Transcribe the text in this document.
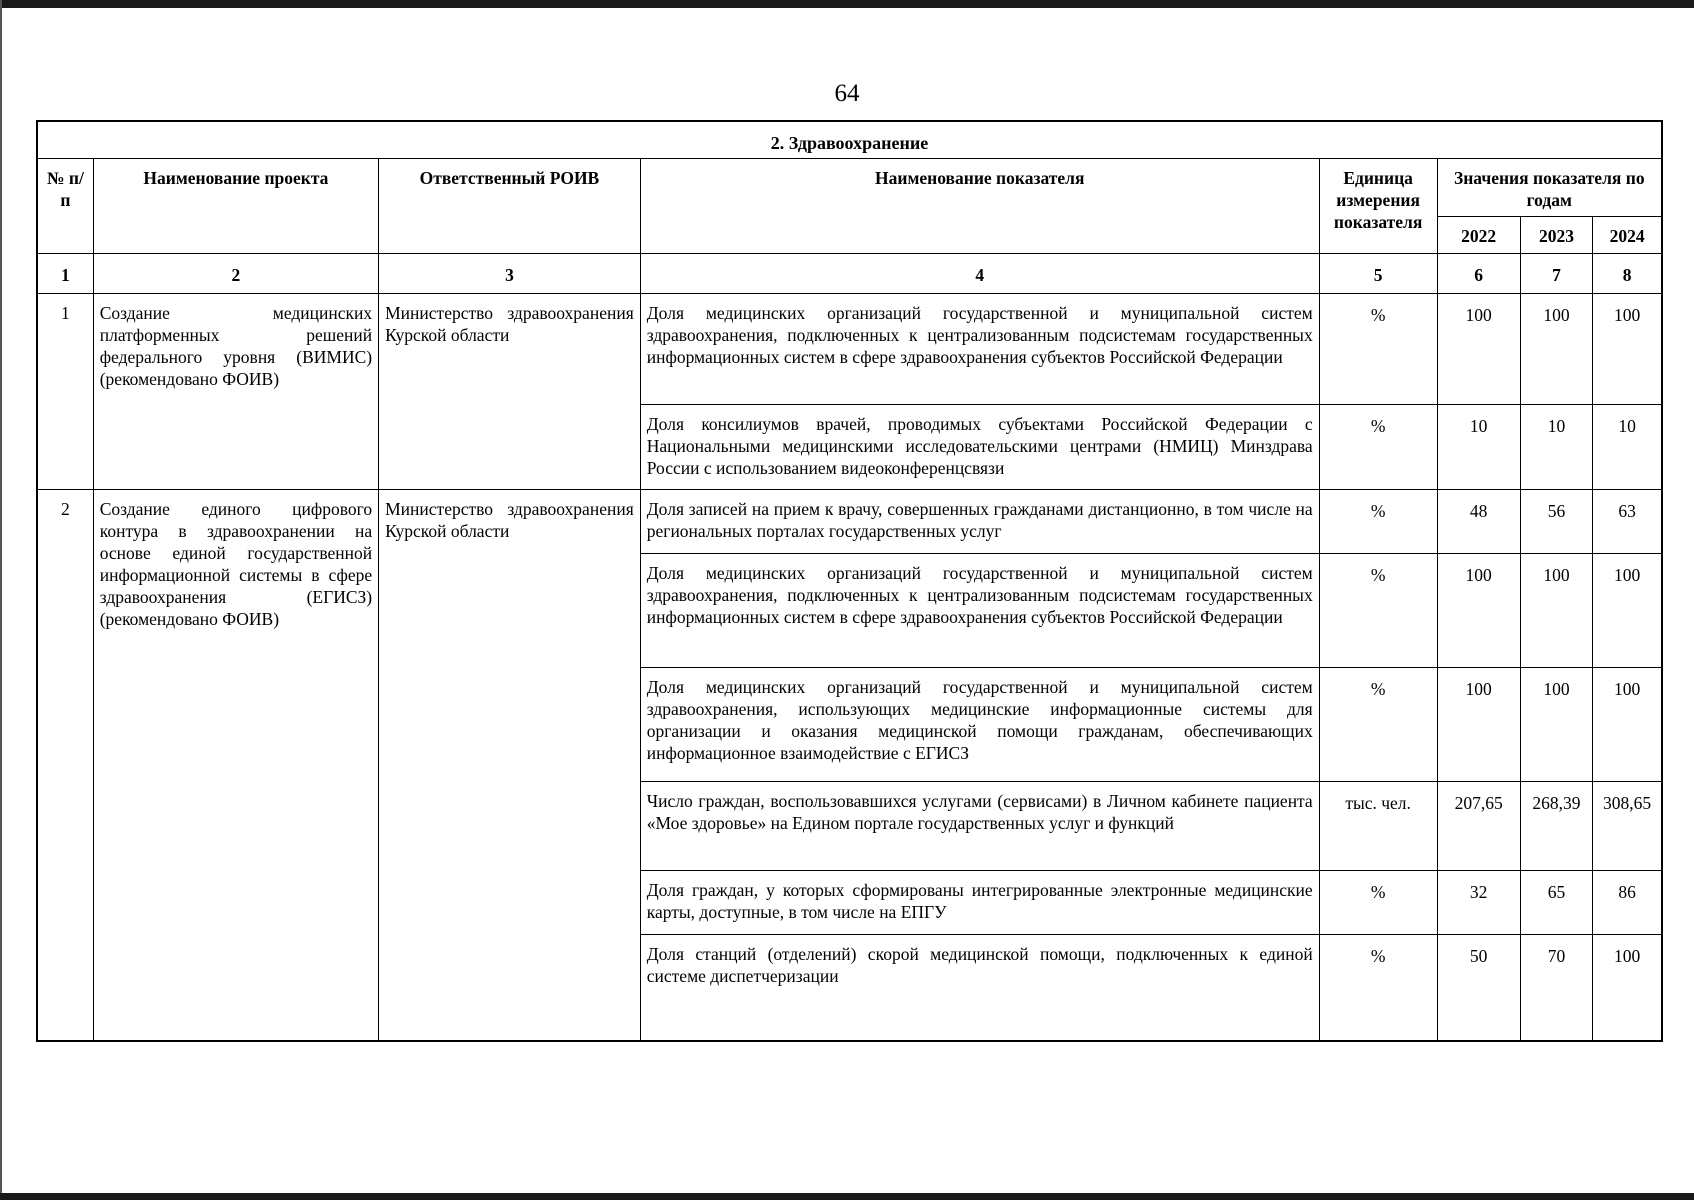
64
2. Здравоохранение							
№ п/п	Наименование проекта	Ответственный РОИВ	Наименование показателя	Единица измерения показателя	Значения показателя по годам		
					2022	2023	2024
1	2	3	4	5	6	7	8
1	Создание медицинских платформенных решений федерального уровня (ВИМИС) (рекомендовано ФОИВ)	Министерство здравоохранения Курской области	Доля медицинских организаций государственной и муниципальной систем здравоохранения, подключенных к централизованным подсистемам государственных информационных систем в сфере здравоохранения субъектов Российской Федерации	%	100	100	100
			Доля консилиумов врачей, проводимых субъектами Российской Федерации с Национальными медицинскими исследовательскими центрами (НМИЦ) Минздрава России с использованием видеоконференцсвязи	%	10	10	10
2	Создание единого цифрового контура в здравоохранении на основе единой государственной информационной системы в сфере здравоохранения (ЕГИСЗ) (рекомендовано ФОИВ)	Министерство здравоохранения Курской области	Доля записей на прием к врачу, совершенных гражданами дистанционно, в том числе на региональных порталах государственных услуг	%	48	56	63
			Доля медицинских организаций государственной и муниципальной систем здравоохранения, подключенных к централизованным подсистемам государственных информационных систем в сфере здравоохранения субъектов Российской Федерации	%	100	100	100
			Доля медицинских организаций государственной и муниципальной систем здравоохранения, использующих медицинские информационные системы для организации и оказания медицинской помощи гражданам, обеспечивающих информационное взаимодействие с ЕГИСЗ	%	100	100	100
			Число граждан, воспользовавшихся услугами (сервисами) в Личном кабинете пациента «Мое здоровье» на Едином портале государственных услуг и функций	тыс. чел.	207,65	268,39	308,65
			Доля граждан, у которых сформированы интегрированные электронные медицинские карты, доступные, в том числе на ЕПГУ	%	32	65	86
			Доля станций (отделений) скорой медицинской помощи, подключенных к единой системе диспетчеризации	%	50	70	100
